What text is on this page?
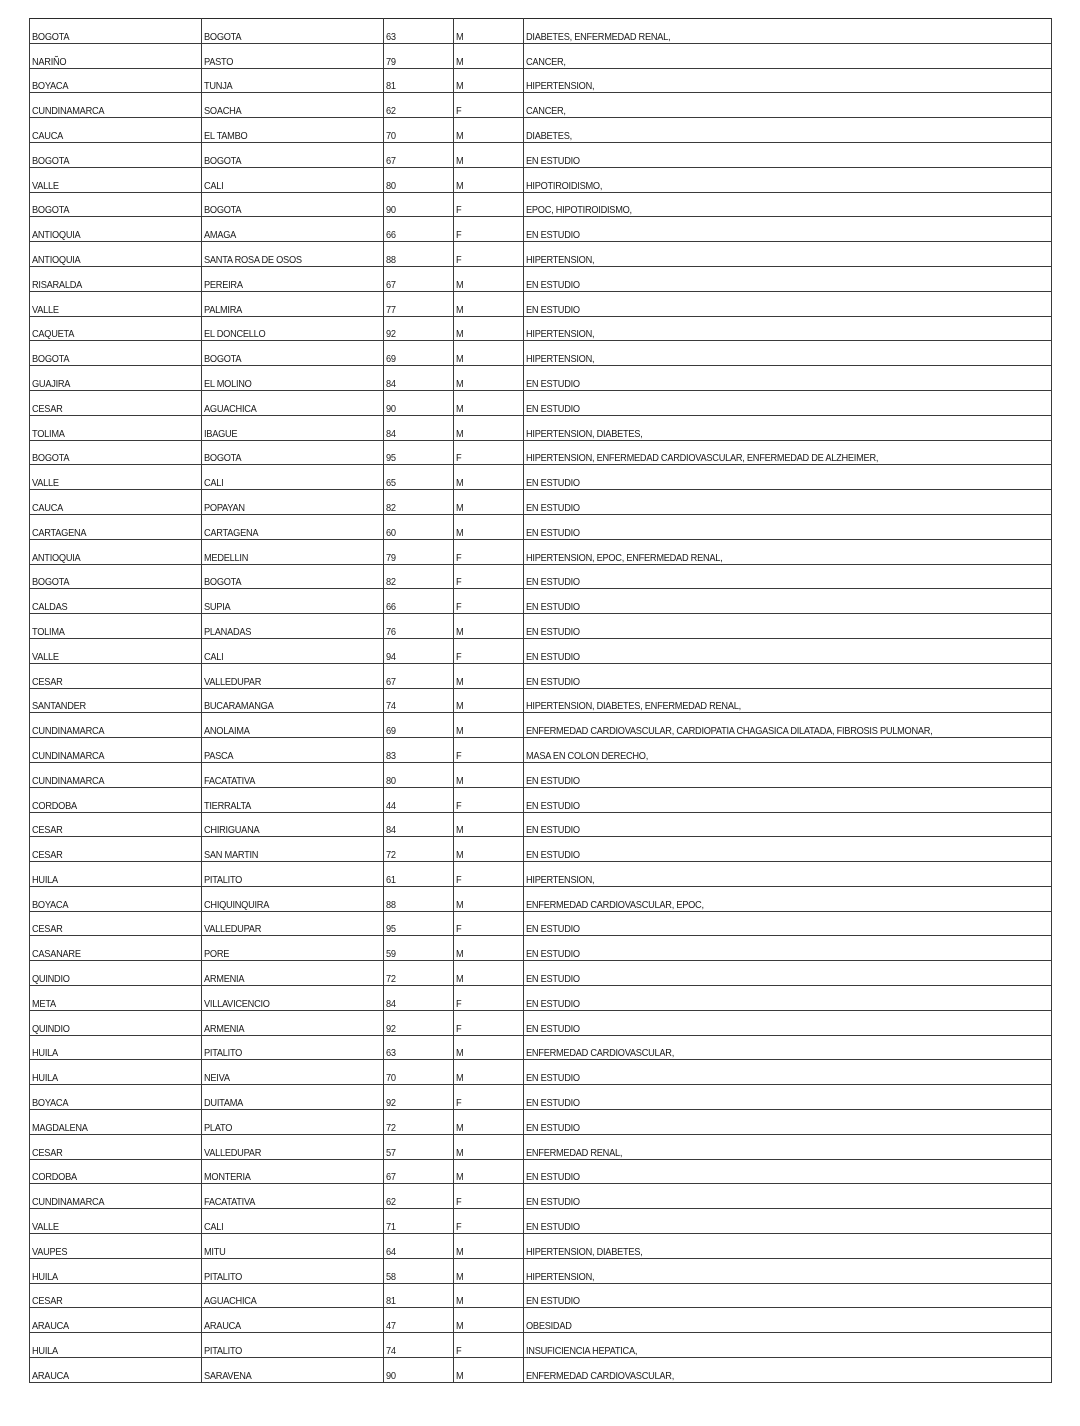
BOGOTA	BOGOTA	63	M	DIABETES, ENFERMEDAD RENAL,
NARIÑO	PASTO	79	M	CANCER,
BOYACA	TUNJA	81	M	HIPERTENSION,
CUNDINAMARCA	SOACHA	62	F	CANCER,
CAUCA	EL TAMBO	70	M	DIABETES,
BOGOTA	BOGOTA	67	M	EN ESTUDIO
VALLE	CALI	80	M	HIPOTIROIDISMO,
BOGOTA	BOGOTA	90	F	EPOC, HIPOTIROIDISMO,
ANTIOQUIA	AMAGA	66	F	EN ESTUDIO
ANTIOQUIA	SANTA ROSA DE OSOS	88	F	HIPERTENSION,
RISARALDA	PEREIRA	67	M	EN ESTUDIO
VALLE	PALMIRA	77	M	EN ESTUDIO
CAQUETA	EL DONCELLO	92	M	HIPERTENSION,
BOGOTA	BOGOTA	69	M	HIPERTENSION,
GUAJIRA	EL MOLINO	84	M	EN ESTUDIO
CESAR	AGUACHICA	90	M	EN ESTUDIO
TOLIMA	IBAGUE	84	M	HIPERTENSION, DIABETES,
BOGOTA	BOGOTA	95	F	HIPERTENSION, ENFERMEDAD CARDIOVASCULAR, ENFERMEDAD DE ALZHEIMER,
VALLE	CALI	65	M	EN ESTUDIO
CAUCA	POPAYAN	82	M	EN ESTUDIO
CARTAGENA	CARTAGENA	60	M	EN ESTUDIO
ANTIOQUIA	MEDELLIN	79	F	HIPERTENSION, EPOC, ENFERMEDAD RENAL,
BOGOTA	BOGOTA	82	F	EN ESTUDIO
CALDAS	SUPIA	66	F	EN ESTUDIO
TOLIMA	PLANADAS	76	M	EN ESTUDIO
VALLE	CALI	94	F	EN ESTUDIO
CESAR	VALLEDUPAR	67	M	EN ESTUDIO
SANTANDER	BUCARAMANGA	74	M	HIPERTENSION, DIABETES, ENFERMEDAD RENAL,
CUNDINAMARCA	ANOLAIMA	69	M	ENFERMEDAD CARDIOVASCULAR, CARDIOPATIA CHAGASICA DILATADA, FIBROSIS PULMONAR,
CUNDINAMARCA	PASCA	83	F	MASA EN COLON DERECHO,
CUNDINAMARCA	FACATATIVA	80	M	EN ESTUDIO
CORDOBA	TIERRALTA	44	F	EN ESTUDIO
CESAR	CHIRIGUANA	84	M	EN ESTUDIO
CESAR	SAN MARTIN	72	M	EN ESTUDIO
HUILA	PITALITO	61	F	HIPERTENSION,
BOYACA	CHIQUINQUIRA	88	M	ENFERMEDAD CARDIOVASCULAR, EPOC,
CESAR	VALLEDUPAR	95	F	EN ESTUDIO
CASANARE	PORE	59	M	EN ESTUDIO
QUINDIO	ARMENIA	72	M	EN ESTUDIO
META	VILLAVICENCIO	84	F	EN ESTUDIO
QUINDIO	ARMENIA	92	F	EN ESTUDIO
HUILA	PITALITO	63	M	ENFERMEDAD CARDIOVASCULAR,
HUILA	NEIVA	70	M	EN ESTUDIO
BOYACA	DUITAMA	92	F	EN ESTUDIO
MAGDALENA	PLATO	72	M	EN ESTUDIO
CESAR	VALLEDUPAR	57	M	ENFERMEDAD RENAL,
CORDOBA	MONTERIA	67	M	EN ESTUDIO
CUNDINAMARCA	FACATATIVA	62	F	EN ESTUDIO
VALLE	CALI	71	F	EN ESTUDIO
VAUPES	MITU	64	M	HIPERTENSION, DIABETES,
HUILA	PITALITO	58	M	HIPERTENSION,
CESAR	AGUACHICA	81	M	EN ESTUDIO
ARAUCA	ARAUCA	47	M	OBESIDAD
HUILA	PITALITO	74	F	INSUFICIENCIA HEPATICA,
ARAUCA	SARAVENA	90	M	ENFERMEDAD CARDIOVASCULAR,
